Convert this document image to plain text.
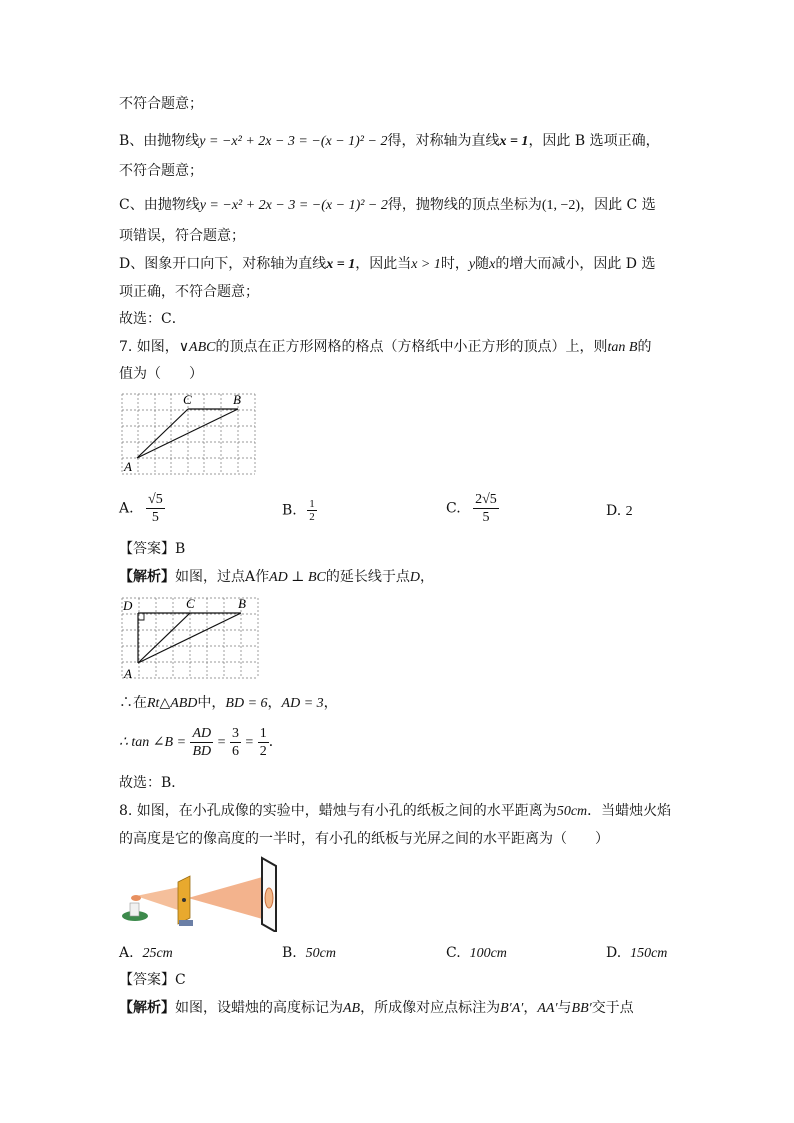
不符合题意；
B、由抛物线y = −x² + 2x − 3 = −(x − 1)² − 2得，对称轴为直线x = 1，因此 B 选项正确，
不符合题意；
C、由抛物线y = −x² + 2x − 3 = −(x − 1)² − 2得，抛物线的顶点坐标为(1, −2)，因此 C 选
项错误，符合题意；
D、图象开口向下，对称轴为直线x = 1，因此当x > 1时，y随x的增大而减小，因此 D 选
项正确，不符合题意；
故选：C．
7. 如图，∨ABC的顶点在正方形网格的格点（方格纸中小正方形的顶点）上，则tan B的
值为（　　）
C	B
A
A. $\frac{√5}{5}$	B. $\frac{1}{2}$	C. $\frac{2√5}{5}$	D. 2
【答案】B
【解析】如图，过点A作AD ⊥ BC的延长线于点D，
D	C	B
A
∴在Rt△ABD中，BD = 6，AD = 3，
∴ tan ∠B = $\frac{AD}{BD} = \frac{3}{6} = \frac{1}{2}$ ．
故选：B．
8. 如图，在小孔成像的实验中，蜡烛与有小孔的纸板之间的水平距离为50cm．当蜡烛火焰
的高度是它的像高度的一半时，有小孔的纸板与光屏之间的水平距离为（　　）
A. 25cm	B. 50cm	C. 100cm	D. 150cm
【答案】C
【解析】如图，设蜡烛的高度标记为AB，所成像对应点标注为B′A′，AA′与BB′交于点
